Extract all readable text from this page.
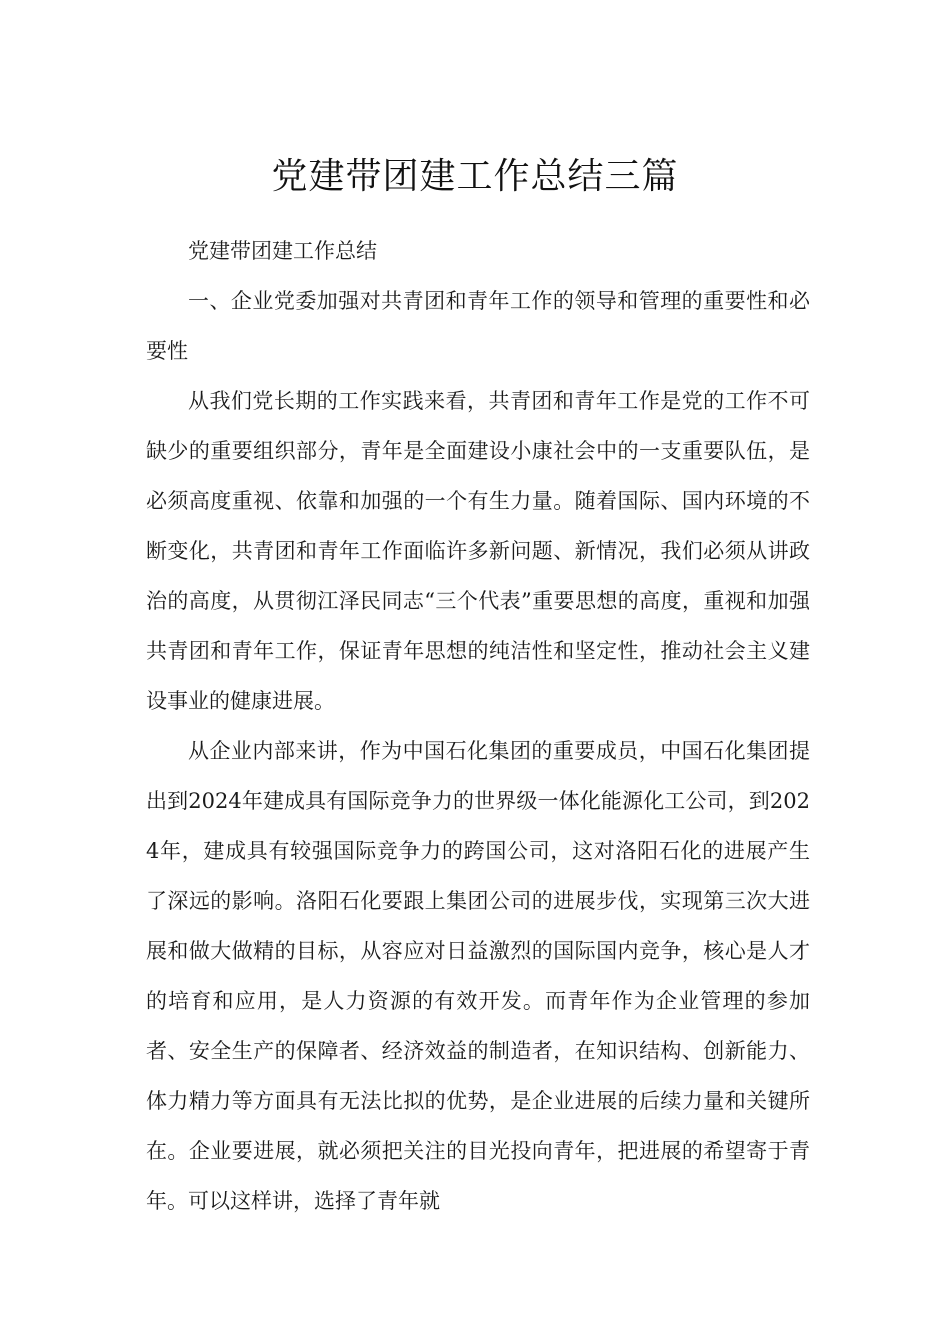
党建带团建工作总结三篇

党建带团建工作总结

一、企业党委加强对共青团和青年工作的领导和管理的重要性和必要性

从我们党长期的工作实践来看，共青团和青年工作是党的工作不可缺少的重要组织部分，青年是全面建设小康社会中的一支重要队伍，是必须高度重视、依靠和加强的一个有生力量。随着国际、国内环境的不断变化，共青团和青年工作面临许多新问题、新情况，我们必须从讲政治的高度，从贯彻江泽民同志“三个代表”重要思想的高度，重视和加强共青团和青年工作，保证青年思想的纯洁性和坚定性，推动社会主义建设事业的健康进展。

从企业内部来讲，作为中国石化集团的重要成员，中国石化集团提出到2024年建成具有国际竞争力的世界级一体化能源化工公司，到2024年，建成具有较强国际竞争力的跨国公司，这对洛阳石化的进展产生了深远的影响。洛阳石化要跟上集团公司的进展步伐，实现第三次大进展和做大做精的目标，从容应对日益激烈的国际国内竞争，核心是人才的培育和应用，是人力资源的有效开发。而青年作为企业管理的参加者、安全生产的保障者、经济效益的制造者，在知识结构、创新能力、体力精力等方面具有无法比拟的优势，是企业进展的后续力量和关键所在。企业要进展，就必须把关注的目光投向青年，把进展的希望寄于青年。可以这样讲，选择了青年就
